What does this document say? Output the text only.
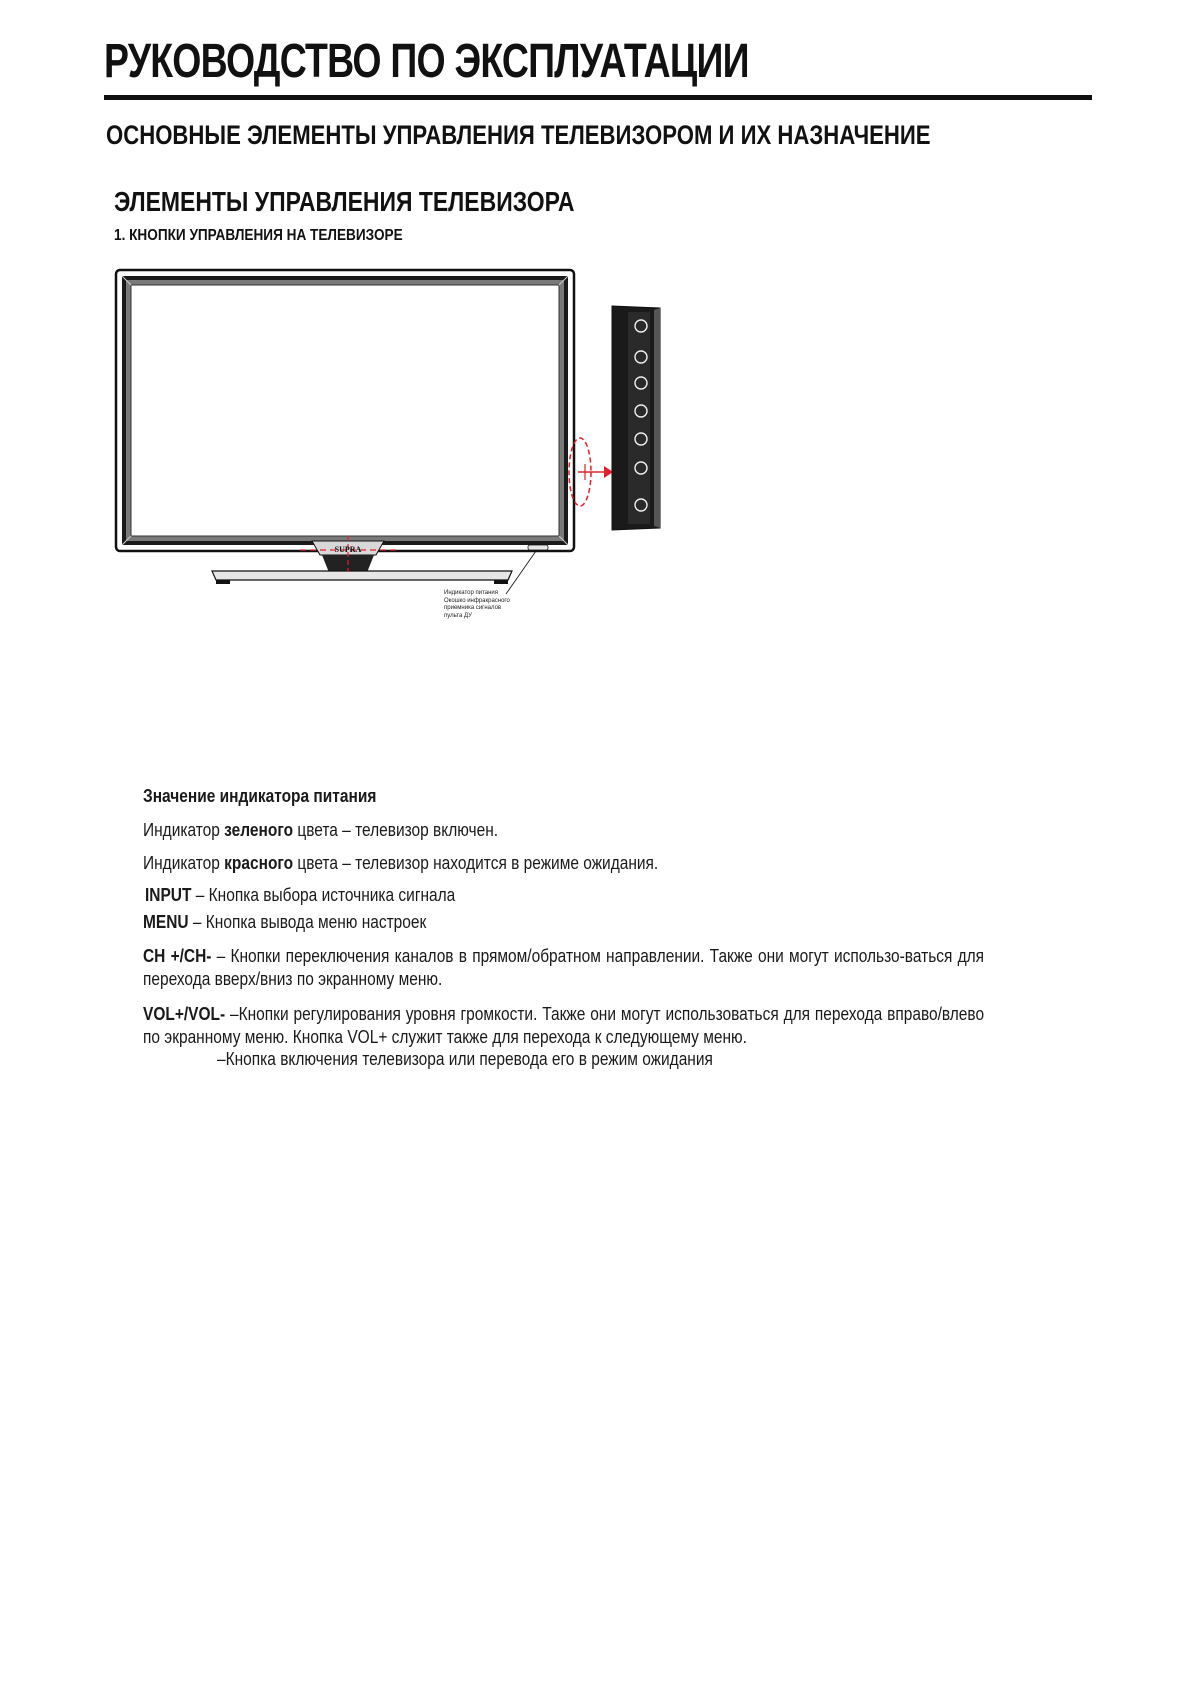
РУКОВОДСТВО ПО ЭКСПЛУАТАЦИИ
ОСНОВНЫЕ ЭЛЕМЕНТЫ УПРАВЛЕНИЯ ТЕЛЕВИЗОРОМ И ИХ НАЗНАЧЕНИЕ
ЭЛЕМЕНТЫ УПРАВЛЕНИЯ ТЕЛЕВИЗОРА
1. КНОПКИ УПРАВЛЕНИЯ НА ТЕЛЕВИЗОРЕ
SUPRA
Индикатор питания
Окошко инфракрасного
приемника сигналов
пульта ДУ
Значение индикатора питания
Индикатор зеленого цвета – телевизор включен.
Индикатор красного цвета – телевизор находится в режиме ожидания.
INPUT – Кнопка выбора источника сигнала
MENU – Кнопка вывода меню настроек
CH +/CH- – Кнопки переключения каналов в прямом/обратном направлении. Также они могут использо-ваться для перехода вверх/вниз по экранному меню.
VOL+/VOL- –Кнопки регулирования уровня громкости. Также они могут использоваться для перехода вправо/влево по экранному меню. Кнопка VOL+ служит также для перехода к следующему меню.
–Кнопка включения телевизора или перевода его в режим ожидания
